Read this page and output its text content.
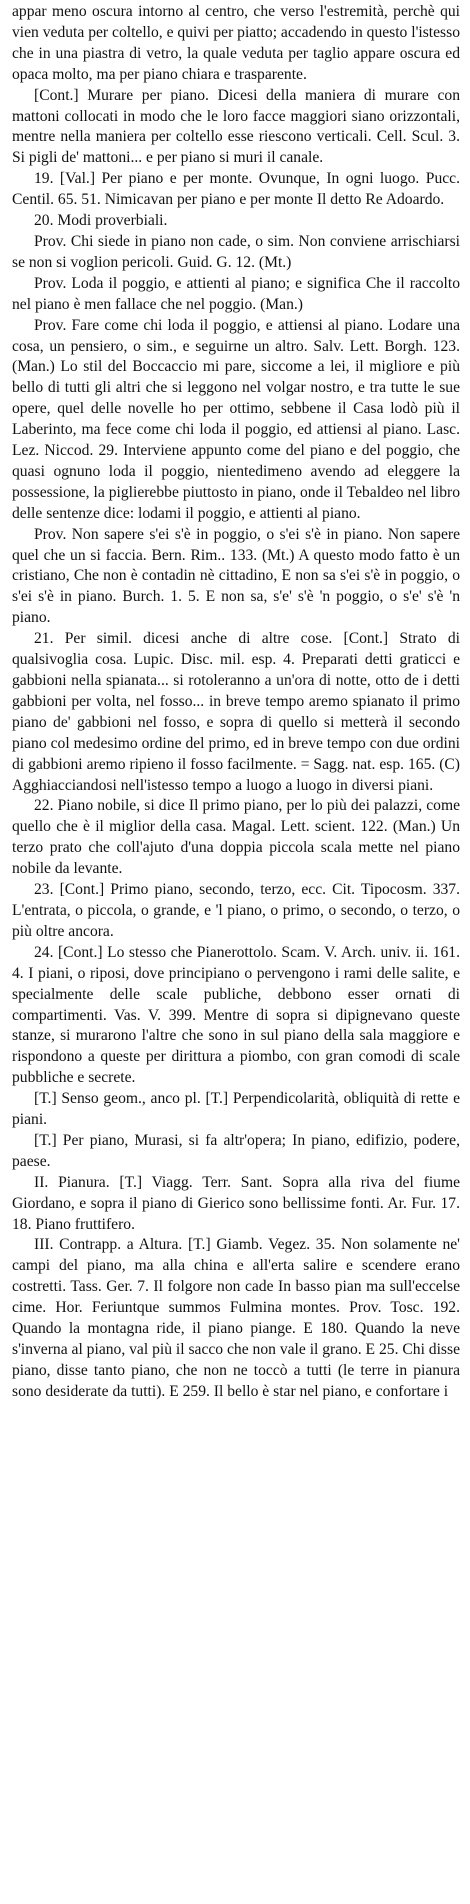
appar meno oscura intorno al centro, che verso l'estremità, perchè qui vien veduta per coltello, e quivi per piatto; accadendo in questo l'istesso che in una piastra di vetro, la quale veduta per taglio appare oscura ed opaca molto, ma per piano chiara e trasparente.

[Cont.] Murare per piano. Dicesi della maniera di murare con mattoni collocati in modo che le loro facce maggiori siano orizzontali, mentre nella maniera per coltello esse riescono verticali. Cell. Scul. 3. Si pigli de' mattoni... e per piano si muri il canale.

19. [Val.] Per piano e per monte. Ovunque, In ogni luogo. Pucc. Centil. 65. 51. Nimicavan per piano e per monte Il detto Re Adoardo.

20. Modi proverbiali.

Prov. Chi siede in piano non cade, o sim. Non conviene arrischiarsi se non si voglion pericoli. Guid. G. 12. (Mt.)

Prov. Loda il poggio, e attienti al piano; e significa Che il raccolto nel piano è men fallace che nel poggio. (Man.)

Prov. Fare come chi loda il poggio, e attiensi al piano. Lodare una cosa, un pensiero, o sim., e seguirne un altro. Salv. Lett. Borgh. 123. (Man.) Lo stil del Boccaccio mi pare, siccome a lei, il migliore e più bello di tutti gli altri che si leggono nel volgar nostro, e tra tutte le sue opere, quel delle novelle ho per ottimo, sebbene il Casa lodò più il Laberinto, ma fece come chi loda il poggio, ed attiensi al piano. Lasc. Lez. Niccod. 29. Interviene appunto come del piano e del poggio, che quasi ognuno loda il poggio, nientedimeno avendo ad eleggere la possessione, la piglierebbe piuttosto in piano, onde il Tebaldeo nel libro delle sentenze dice: lodami il poggio, e attienti al piano.

Prov. Non sapere s'ei s'è in poggio, o s'ei s'è in piano. Non sapere quel che un si faccia. Bern. Rim.. 133. (Mt.) A questo modo fatto è un cristiano, Che non è contadin nè cittadino, E non sa s'ei s'è in poggio, o s'ei s'è in piano. Burch. 1. 5. E non sa, s'e' s'è 'n poggio, o s'e' s'è 'n piano.

21. Per simil. dicesi anche di altre cose. [Cont.] Strato di qualsivoglia cosa. Lupic. Disc. mil. esp. 4. Preparati detti graticci e gabbioni nella spianata... si rotoleranno a un'ora di notte, otto de i detti gabbioni per volta, nel fosso... in breve tempo aremo spianato il primo piano de' gabbioni nel fosso, e sopra di quello si metterà il secondo piano col medesimo ordine del primo, ed in breve tempo con due ordini di gabbioni aremo ripieno il fosso facilmente. = Sagg. nat. esp. 165. (C) Agghiacciandosi nell'istesso tempo a luogo a luogo in diversi piani.

22. Piano nobile, si dice Il primo piano, per lo più dei palazzi, come quello che è il miglior della casa. Magal. Lett. scient. 122. (Man.) Un terzo prato che coll'ajuto d'una doppia piccola scala mette nel piano nobile da levante.

23. [Cont.] Primo piano, secondo, terzo, ecc. Cit. Tipocosm. 337. L'entrata, o piccola, o grande, e 'l piano, o primo, o secondo, o terzo, o più oltre ancora.

24. [Cont.] Lo stesso che Pianerottolo. Scam. V. Arch. univ. ii. 161. 4. I piani, o riposi, dove principiano o pervengono i rami delle salite, e specialmente delle scale publiche, debbono esser ornati di compartimenti. Vas. V. 399. Mentre di sopra si dipignevano queste stanze, si murarono l'altre che sono in sul piano della sala maggiore e rispondono a queste per dirittura a piombo, con gran comodi di scale pubbliche e secrete.

[T.] Senso geom., anco pl. [T.] Perpendicolarità, obliquità di rette e piani.

[T.] Per piano, Murasi, si fa altr'opera; In piano, edifizio, podere, paese.

II. Pianura. [T.] Viagg. Terr. Sant. Sopra alla riva del fiume Giordano, e sopra il piano di Gierico sono bellissime fonti. Ar. Fur. 17. 18. Piano fruttifero.

III. Contrapp. a Altura. [T.] Giamb. Vegez. 35. Non solamente ne' campi del piano, ma alla china e all'erta salire e scendere erano costretti. Tass. Ger. 7. Il folgore non cade In basso pian ma sull'eccelse cime. Hor. Feriuntque summos Fulmina montes. Prov. Tosc. 192. Quando la montagna ride, il piano piange. E 180. Quando la neve s'inverna al piano, val più il sacco che non vale il grano. E 25. Chi disse piano, disse tanto piano, che non ne toccò a tutti (le terre in pianura sono desiderate da tutti). E 259. Il bello è star nel piano, e confortare i
